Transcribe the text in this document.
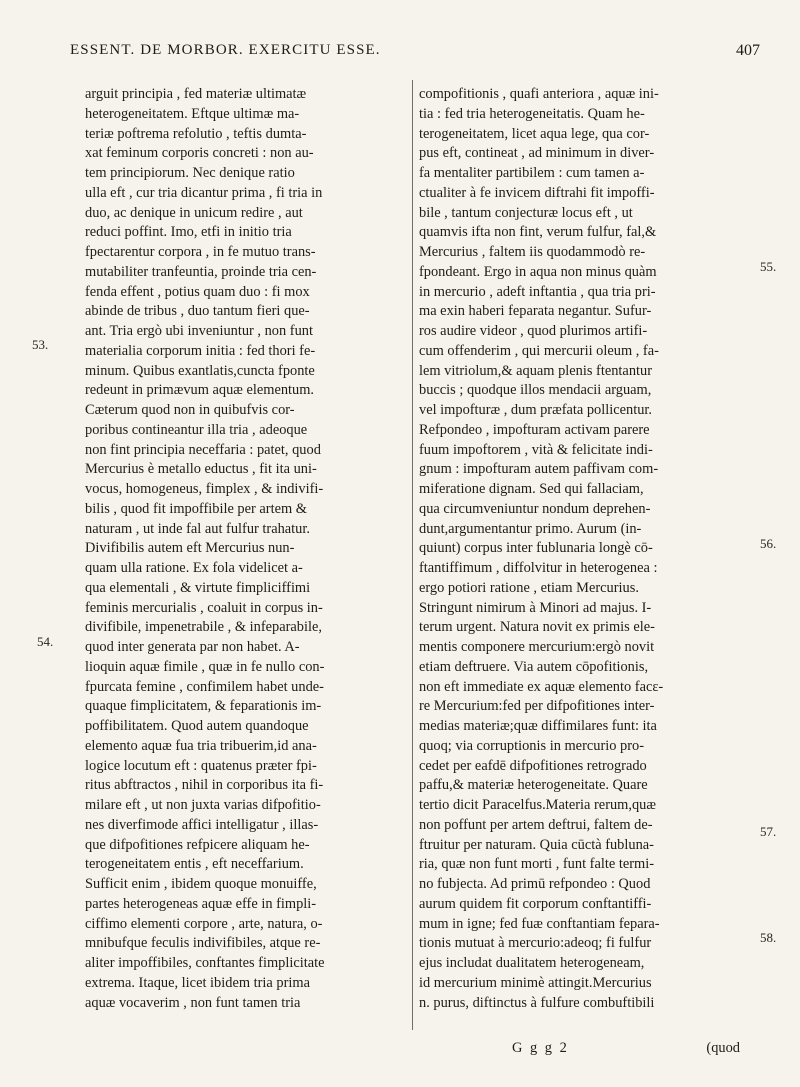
ESSENT. DE MORBOR. EXERCITU ESSE.	407
arguit principia , fed materiæ ultimatæ
heterogeneitatem. Eftque ultimæ ma-
teriæ poftrema refolutio , teftis dumta-
xat feminum corporis concreti : non au-
tem principiorum. Nec denique ratio
ulla eft , cur tria dicantur prima , fi tria in
duo, ac denique in unicum redire , aut
reduci poffint. Imo, etfi in initio tria
fpectarentur corpora , in fe mutuo trans-
mutabiliter tranfeuntia, proinde tria cen-
fenda effent , potius quam duo : fi mox
abinde de tribus , duo tantum fieri que-
ant. Tria ergò ubi inveniuntur , non funt
materialia corporum initia : fed thori fe-
minum. Quibus exantlatis,cuncta fponte
redeunt in primævum aquæ elementum.
Cæterum quod non in quibufvis cor-
poribus contineantur illa tria , adeoque
non fint principia neceffaria : patet, quod
Mercurius è metallo eductus , fit ita uni-
vocus, homogeneus, fimplex , & indivifi-
bilis , quod fit impoffibile per artem &
naturam , ut inde fal aut fulfur trahatur.
Divifibilis autem eft Mercurius nun-
quam ulla ratione. Ex fola videlicet a-
qua elementali , & virtute fimpliciffimi
feminis mercurialis , coaluit in corpus in-
divifibile, impenetrabile , & infeparabile,
quod inter generata par non habet. A-
lioquin aquæ fimile , quæ in fe nullo con-
fpurcata femine , confimilem habet unde-
quaque fimplicitatem, & feparationis im-
poffibilitatem. Quod autem quandoque
elemento aquæ fua tria tribuerim,id ana-
logice locutum eft : quatenus præter fpi-
ritus abftractos , nihil in corporibus ita fi-
milare eft , ut non juxta varias difpofitio-
nes diverfimode affici intelligatur , illas-
que difpofitiones refpicere aliquam he-
terogeneitatem entis , eft neceffarium.
Sufficit enim , ibidem quoque monuiffe,
partes heterogeneas aquæ effe in fimpli-
ciffimo elementi corpore , arte, natura, o-
mnibufque feculis indivifibiles, atque re-
aliter impoffibiles, conftantes fimplicitate
extrema. Itaque, licet ibidem tria prima
aquæ vocaverim , non funt tamen tria
compofitionis , quafi anteriora , aquæ ini-
tia : fed tria heterogeneitatis. Quam he-
terogeneitatem, licet aqua lege, qua cor-
pus eft, contineat , ad minimum in diver-
fa mentaliter partibilem : cum tamen a-
ctualiter à fe invicem diftrahi fit impoffi-
bile , tantum conjecturæ locus eft , ut
quamvis ifta non fint, verum fulfur, fal,&
Mercurius , faltem iis quodammodò re-
fpondeant. Ergo in aqua non minus quàm
in mercurio , adeft inftantia , qua tria pri-
ma exin haberi feparata negantur. Sufur-
ros audire videor , quod plurimos artifi-
cum offenderim , qui mercurii oleum , fa-
lem vitriolum,& aquam plenis ftentantur
buccis ; quodque illos mendacii arguam,
vel impofturæ , dum præfata pollicentur.
Refpondeo , impofturam activam parere
fuum impoftorem , vità & felicitate indi-
gnum : impofturam autem paffivam com-
miferatione dignam. Sed qui fallaciam,
qua circumveniuntur nondum deprehen-
dunt,argumentantur primo. Aurum (in-
quiunt) corpus inter fublunaria longè cō-
ftantiffimum , diffolvitur in heterogenea :
ergo potiori ratione , etiam Mercurius.
Stringunt nimirum à Minori ad majus. I-
terum urgent. Natura novit ex primis ele-
mentis componere mercurium:ergò novit
etiam deftruere. Via autem cōpofitionis,
non eft immediate ex aquæ elemento facε-
re Mercurium:fed per difpofitiones inter-
medias materiæ;quæ diffimilares funt: ita
quoq; via corruptionis in mercurio pro-
cedet per eafdē difpofitiones retrogrado
paffu,& materiæ heterogeneitate. Quare
tertio dicit Paracelfus.Materia rerum,quæ
non poffunt per artem deftrui, faltem de-
ftruitur per naturam. Quia cūctà fubluna-
ria, quæ non funt morti , funt falte termi-
no fubjecta. Ad primū refpondeo : Quod
aurum quidem fit corporum conftantiffi-
mum in igne; fed fuæ conftantiam fepara-
tionis mutuat à mercurio:adeoq; fi fulfur
ejus includat dualitatem heterogeneam,
id mercurium minimè attingit.Mercurius
n. purus, diftinctus à fulfure combuftibili
53.
54.
55.
56.
57.
58.
G g g 2	(quod
